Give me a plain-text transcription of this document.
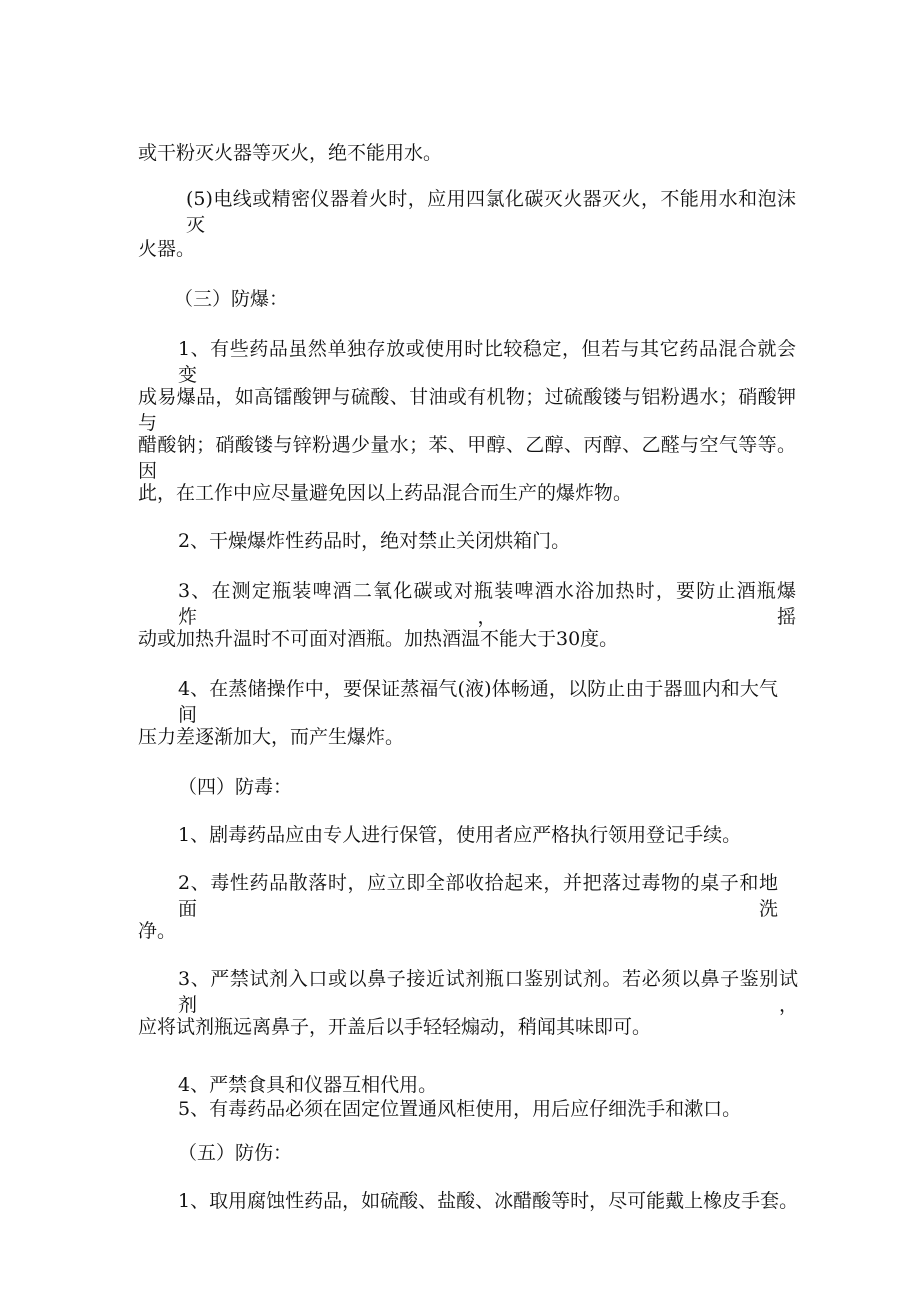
或干粉灭火器等灭火，绝不能用水。

(5)电线或精密仪器着火时，应用四氯化碳灭火器灭火，不能用水和泡沫灭

火器。

（三）防爆：

1、有些药品虽然单独存放或使用时比较稳定，但若与其它药品混合就会变

成易爆品，如高镭酸钾与硫酸、甘油或有机物；过硫酸镂与铝粉遇水；硝酸钾与

醋酸钠；硝酸镂与锌粉遇少量水；苯、甲醇、乙醇、丙醇、乙醛与空气等等。因

此，在工作中应尽量避免因以上药品混合而生产的爆炸物。

2、干燥爆炸性药品时，绝对禁止关闭烘箱门。

3、在测定瓶装啤酒二氧化碳或对瓶装啤酒水浴加热时，要防止酒瓶爆炸，摇

动或加热升温时不可面对酒瓶。加热酒温不能大于30度。

4、在蒸储操作中，要保证蒸福气(液)体畅通，以防止由于器皿内和大气间

压力差逐渐加大，而产生爆炸。

（四）防毒：

1、剧毒药品应由专人进行保管，使用者应严格执行领用登记手续。

2、毒性药品散落时，应立即全部收拾起来，并把落过毒物的桌子和地面洗

净。

3、严禁试剂入口或以鼻子接近试剂瓶口鉴别试剂。若必须以鼻子鉴别试剂，

应将试剂瓶远离鼻子，开盖后以手轻轻煽动，稍闻其味即可。

4、严禁食具和仪器互相代用。

5、有毒药品必须在固定位置通风柜使用，用后应仔细洗手和漱口。

（五）防伤：

1、取用腐蚀性药品，如硫酸、盐酸、冰醋酸等时，尽可能戴上橡皮手套。
